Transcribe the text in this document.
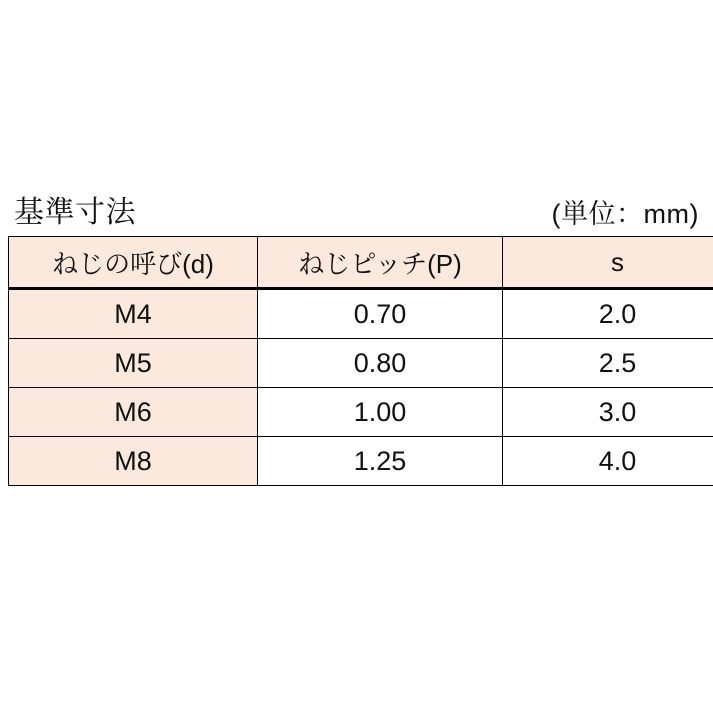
基準寸法	(単位：mm)
ねじの呼び(d)	ねじピッチ(P)	s
M4	0.70	2.0
M5	0.80	2.5
M6	1.00	3.0
M8	1.25	4.0
